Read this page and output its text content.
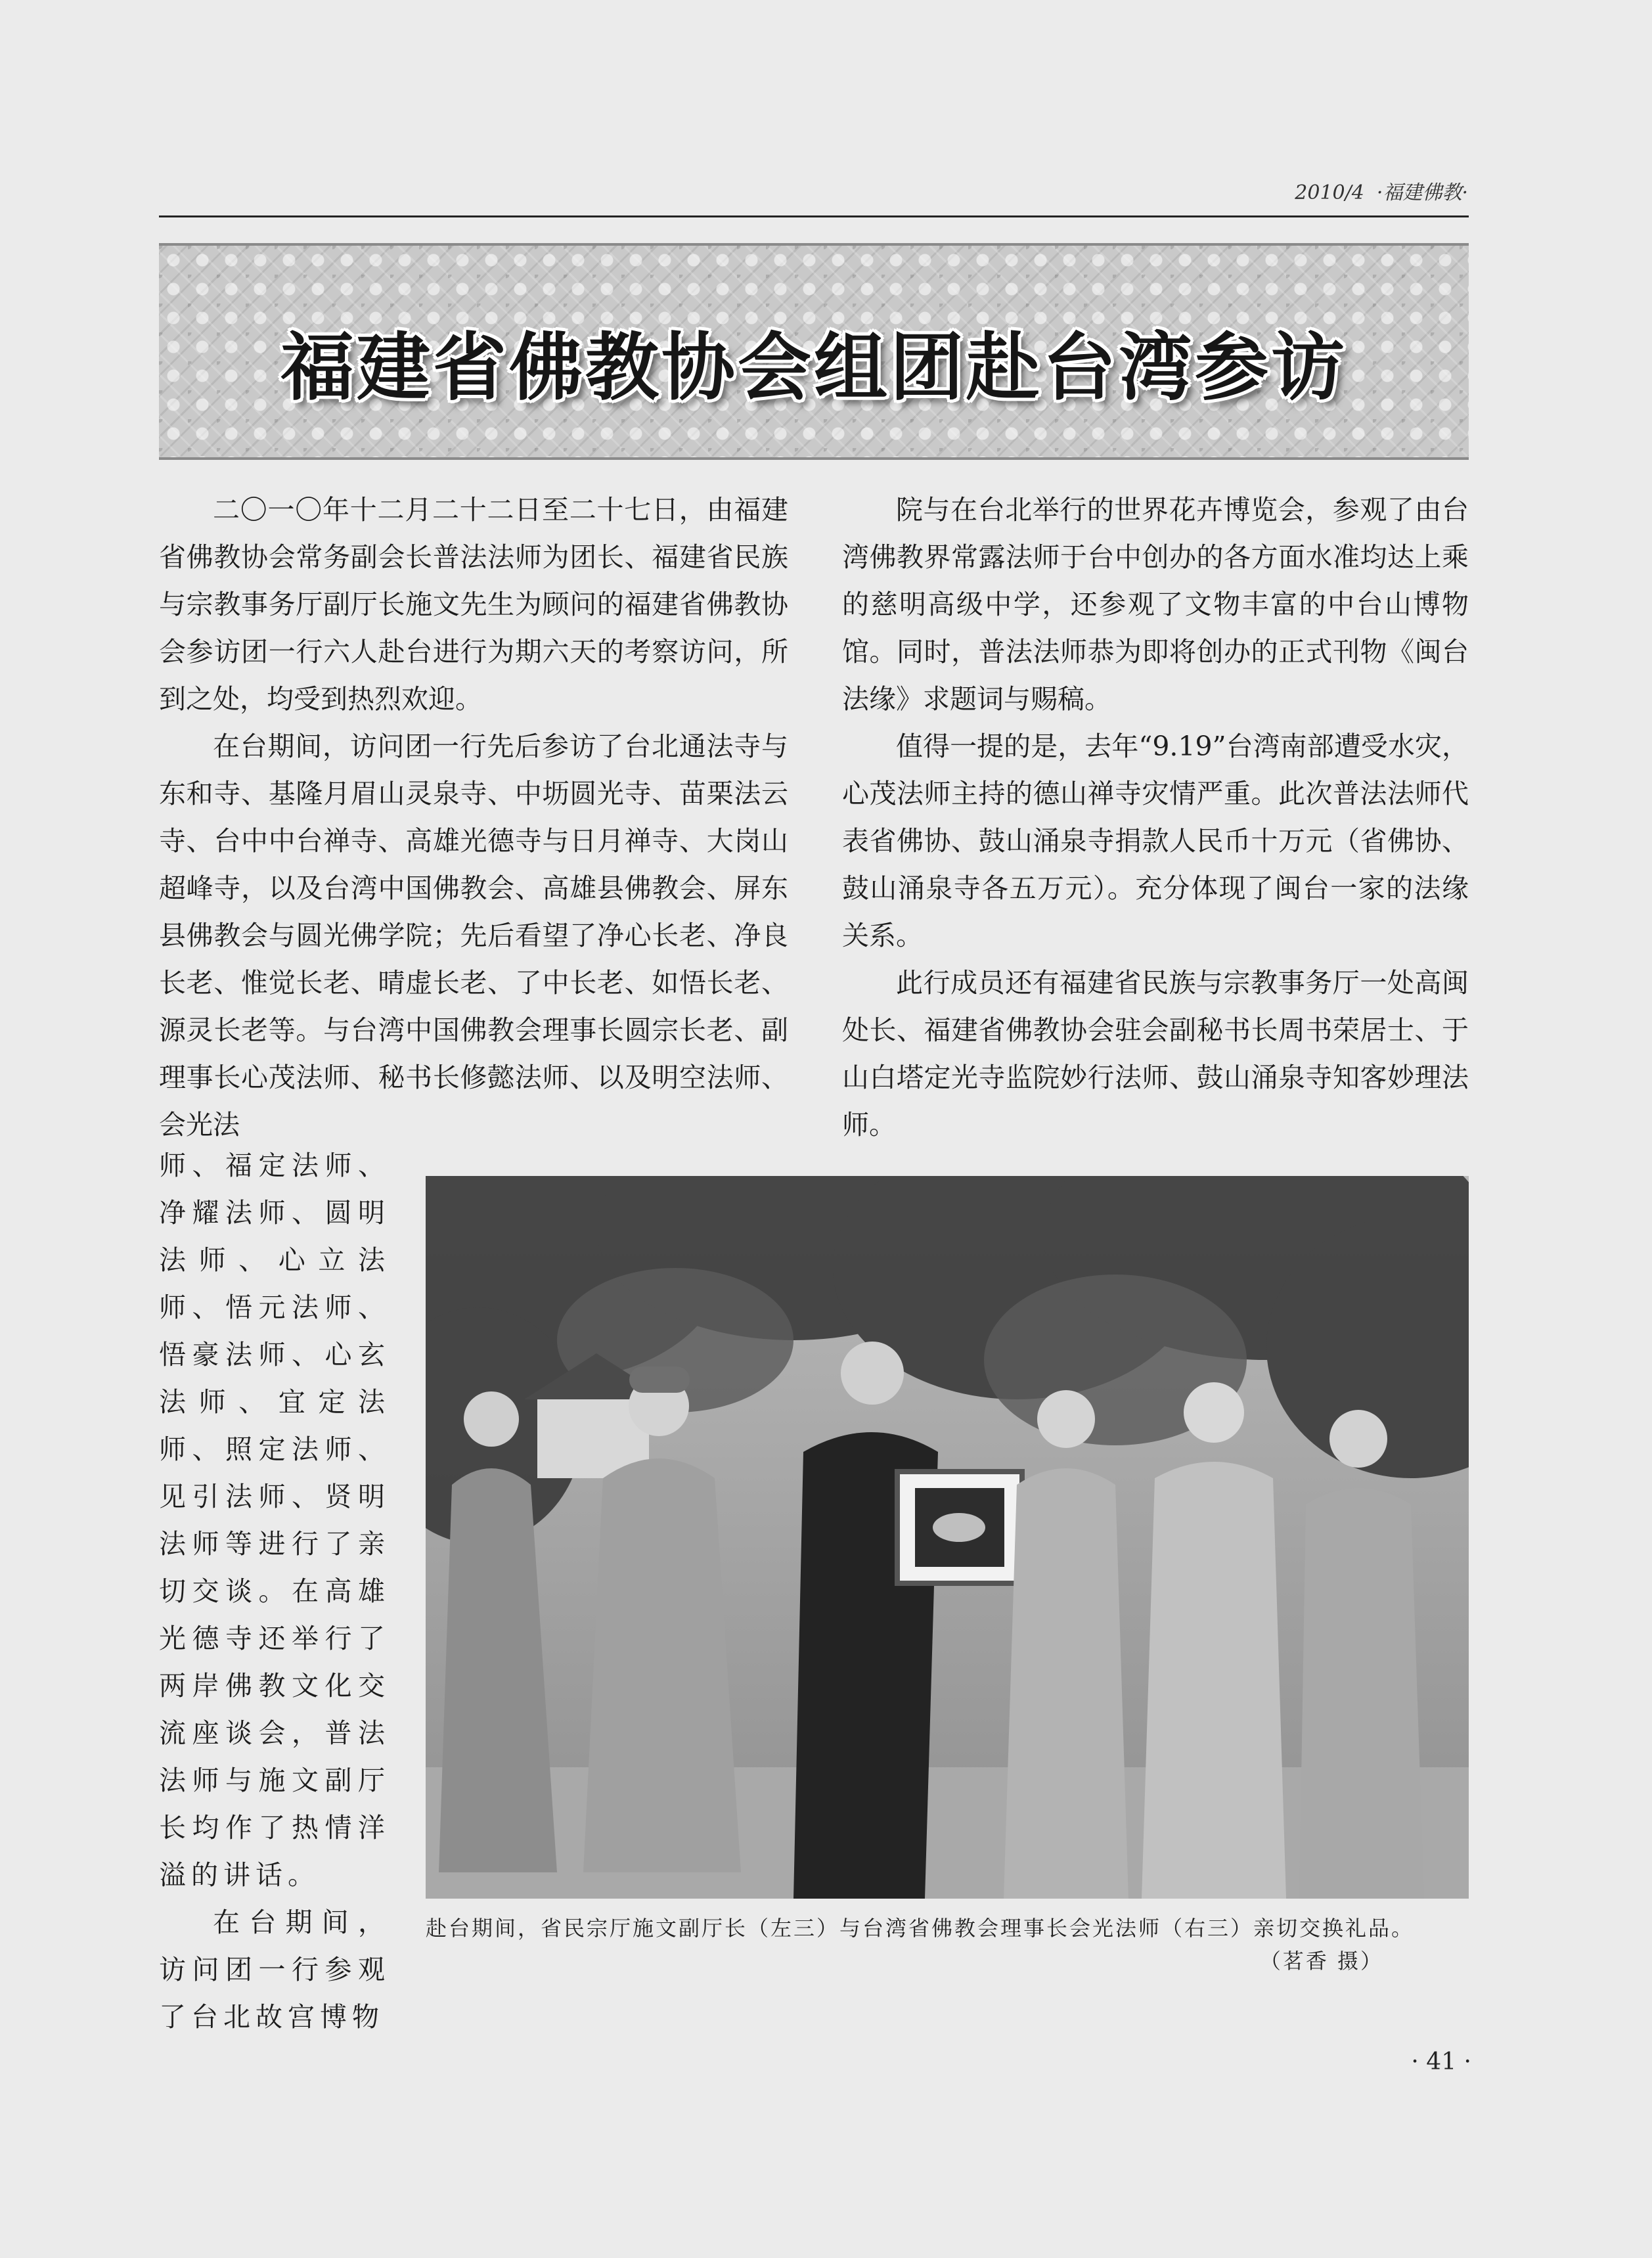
2010/4 ·福建佛教·
福建省佛教协会组团赴台湾参访

二〇一〇年十二月二十二日至二十七日，由福建省佛教协会常务副会长普法法师为团长、福建省民族与宗教事务厅副厅长施文先生为顾问的福建省佛教协会参访团一行六人赴台进行为期六天的考察访问，所到之处，均受到热烈欢迎。

在台期间，访问团一行先后参访了台北通法寺与东和寺、基隆月眉山灵泉寺、中坜圆光寺、苗栗法云寺、台中中台禅寺、高雄光德寺与日月禅寺、大岗山超峰寺，以及台湾中国佛教会、高雄县佛教会、屏东县佛教会与圆光佛学院；先后看望了净心长老、净良长老、惟觉长老、晴虚长老、了中长老、如悟长老、源灵长老等。与台湾中国佛教会理事长圆宗长老、副理事长心茂法师、秘书长修懿法师、以及明空法师、会光法

院与在台北举行的世界花卉博览会，参观了由台湾佛教界常露法师于台中创办的各方面水准均达上乘的慈明高级中学，还参观了文物丰富的中台山博物馆。同时，普法法师恭为即将创办的正式刊物《闽台法缘》求题词与赐稿。

值得一提的是，去年“9.19”台湾南部遭受水灾，心茂法师主持的德山禅寺灾情严重。此次普法法师代表省佛协、鼓山涌泉寺捐款人民币十万元（省佛协、鼓山涌泉寺各五万元）。充分体现了闽台一家的法缘关系。

此行成员还有福建省民族与宗教事务厅一处高闽处长、福建省佛教协会驻会副秘书长周书荣居士、于山白塔定光寺监院妙行法师、鼓山涌泉寺知客妙理法师。

师、福定法师、净耀法师、圆明法师、心立法师、悟元法师、悟豪法师、心玄法师、宜定法师、照定法师、见引法师、贤明法师等进行了亲切交谈。在高雄光德寺还举行了两岸佛教文化交流座谈会，普法法师与施文副厅长均作了热情洋溢的讲话。

在台期间，访问团一行参观了台北故宫博物

赴台期间，省民宗厅施文副厅长（左三）与台湾省佛教会理事长会光法师（右三）亲切交换礼品。
（茗香 摄）
· 41 ·
